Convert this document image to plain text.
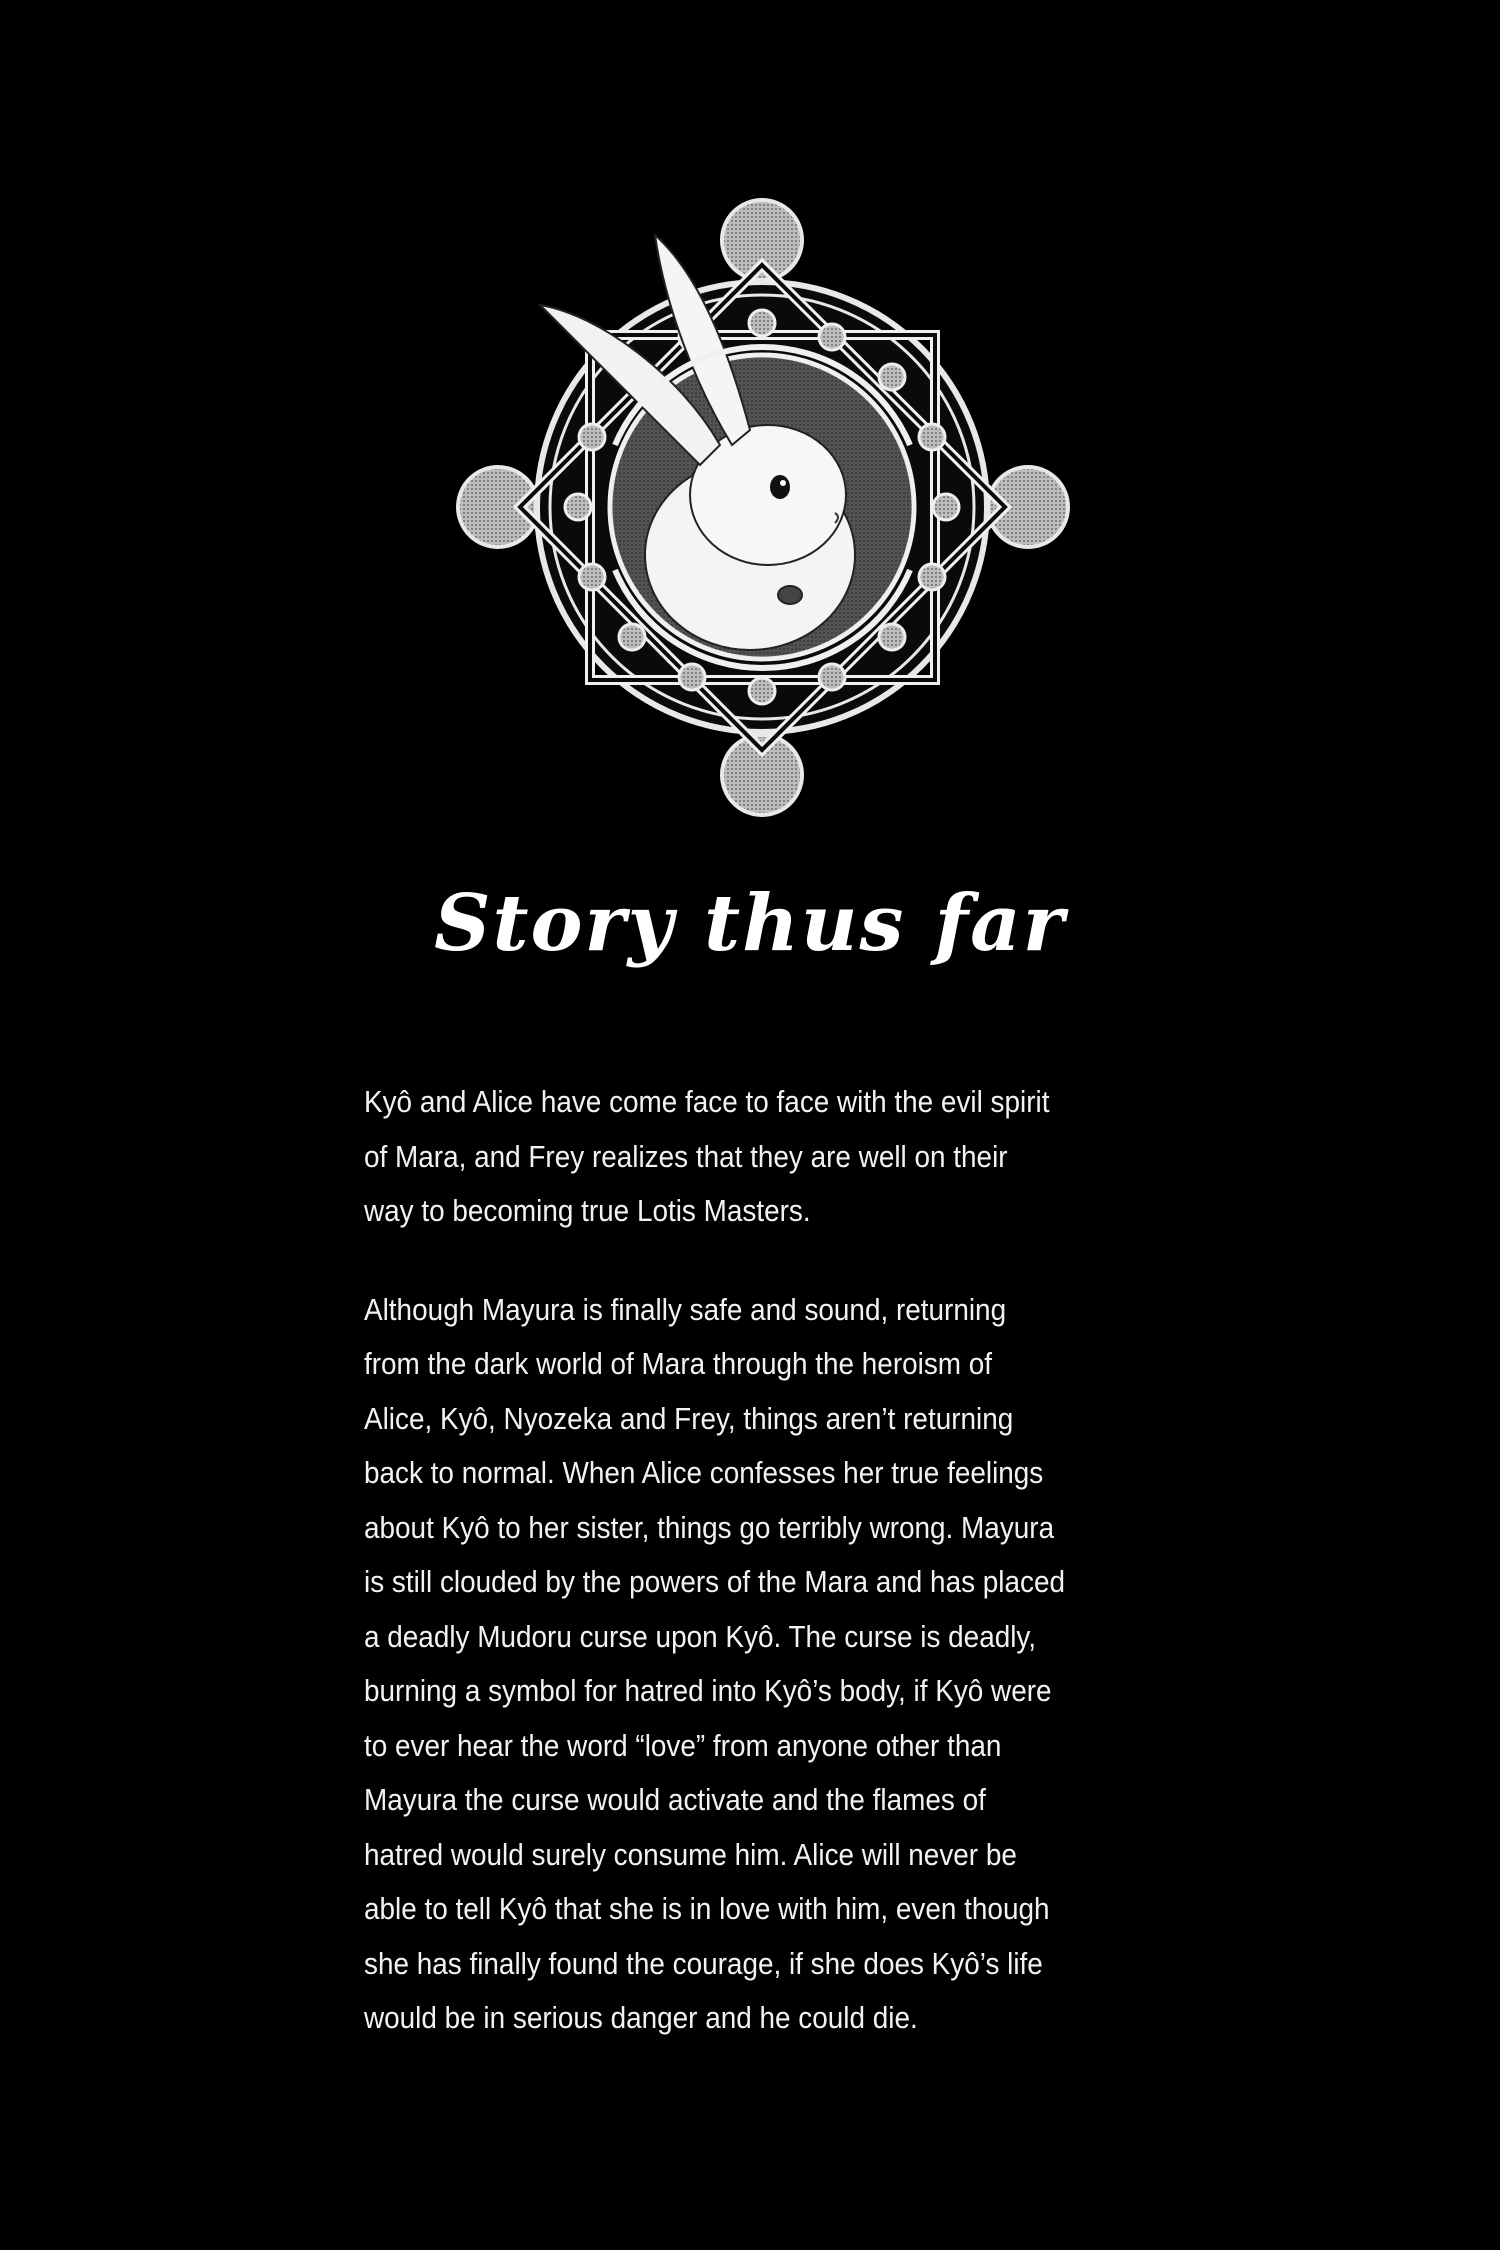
Story thus far
Kyô and Alice have come face to face with the evil spirit
of Mara, and Frey realizes that they are well on their
way to becoming true Lotis Masters.
Although Mayura is finally safe and sound, returning
from the dark world of Mara through the heroism of
Alice, Kyô, Nyozeka and Frey, things aren’t returning
back to normal. When Alice confesses her true feelings
about Kyô to her sister, things go terribly wrong. Mayura
is still clouded by the powers of the Mara and has placed
a deadly Mudoru curse upon Kyô. The curse is deadly,
burning a symbol for hatred into Kyô’s body, if Kyô were
to ever hear the word “love” from anyone other than
Mayura the curse would activate and the flames of
hatred would surely consume him. Alice will never be
able to tell Kyô that she is in love with him, even though
she has finally found the courage, if she does Kyô’s life
would be in serious danger and he could die.
